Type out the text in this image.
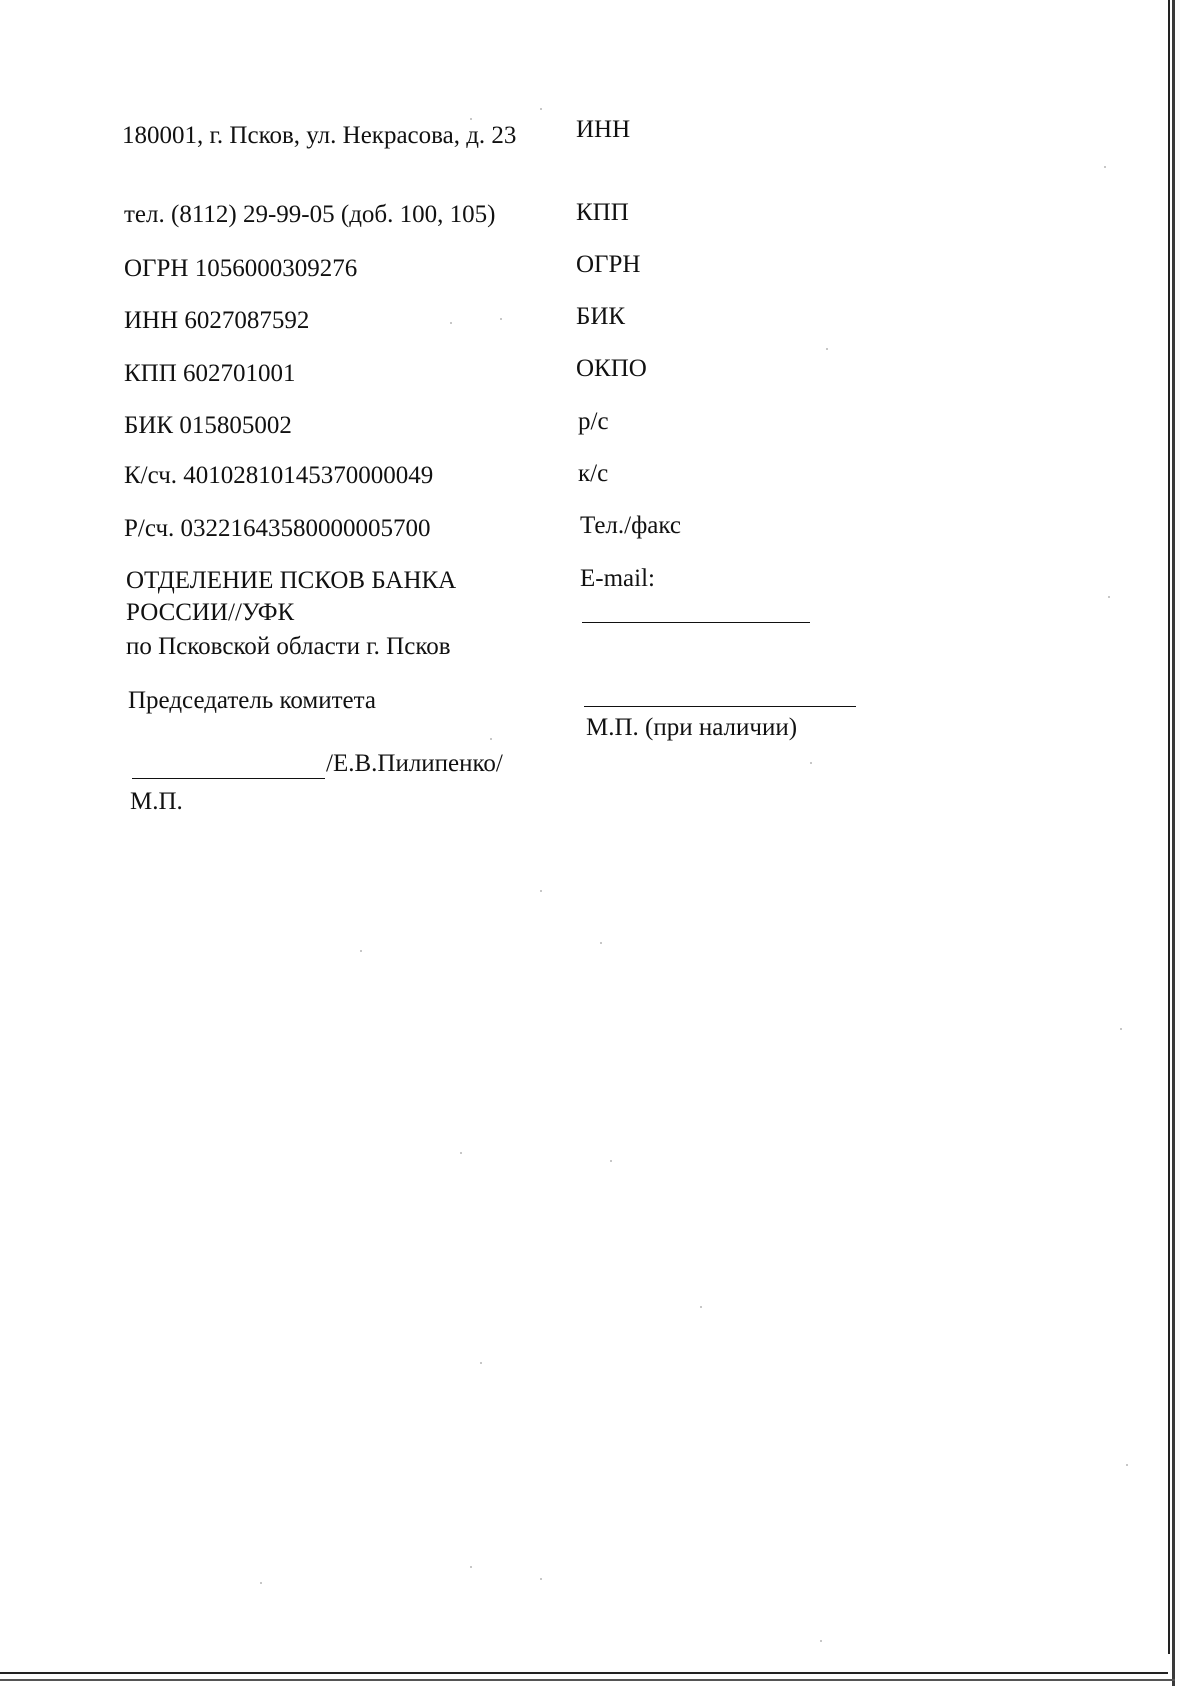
180001, г. Псков, ул. Некрасова, д. 23
тел. (8112) 29-99-05 (доб. 100, 105)
ОГРН 1056000309276
ИНН 6027087592
КПП 602701001
БИК 015805002
К/сч. 40102810145370000049
Р/сч. 03221643580000005700
ОТДЕЛЕНИЕ ПСКОВ БАНКА РОССИИ//УФК
по Псковской области г. Псков
Председатель комитета
/Е.В.Пилипенко/
М.П.
ИНН
КПП
ОГРН
БИК
ОКПО
р/с
к/с
Тел./факс
E-mail:
М.П. (при наличии)
